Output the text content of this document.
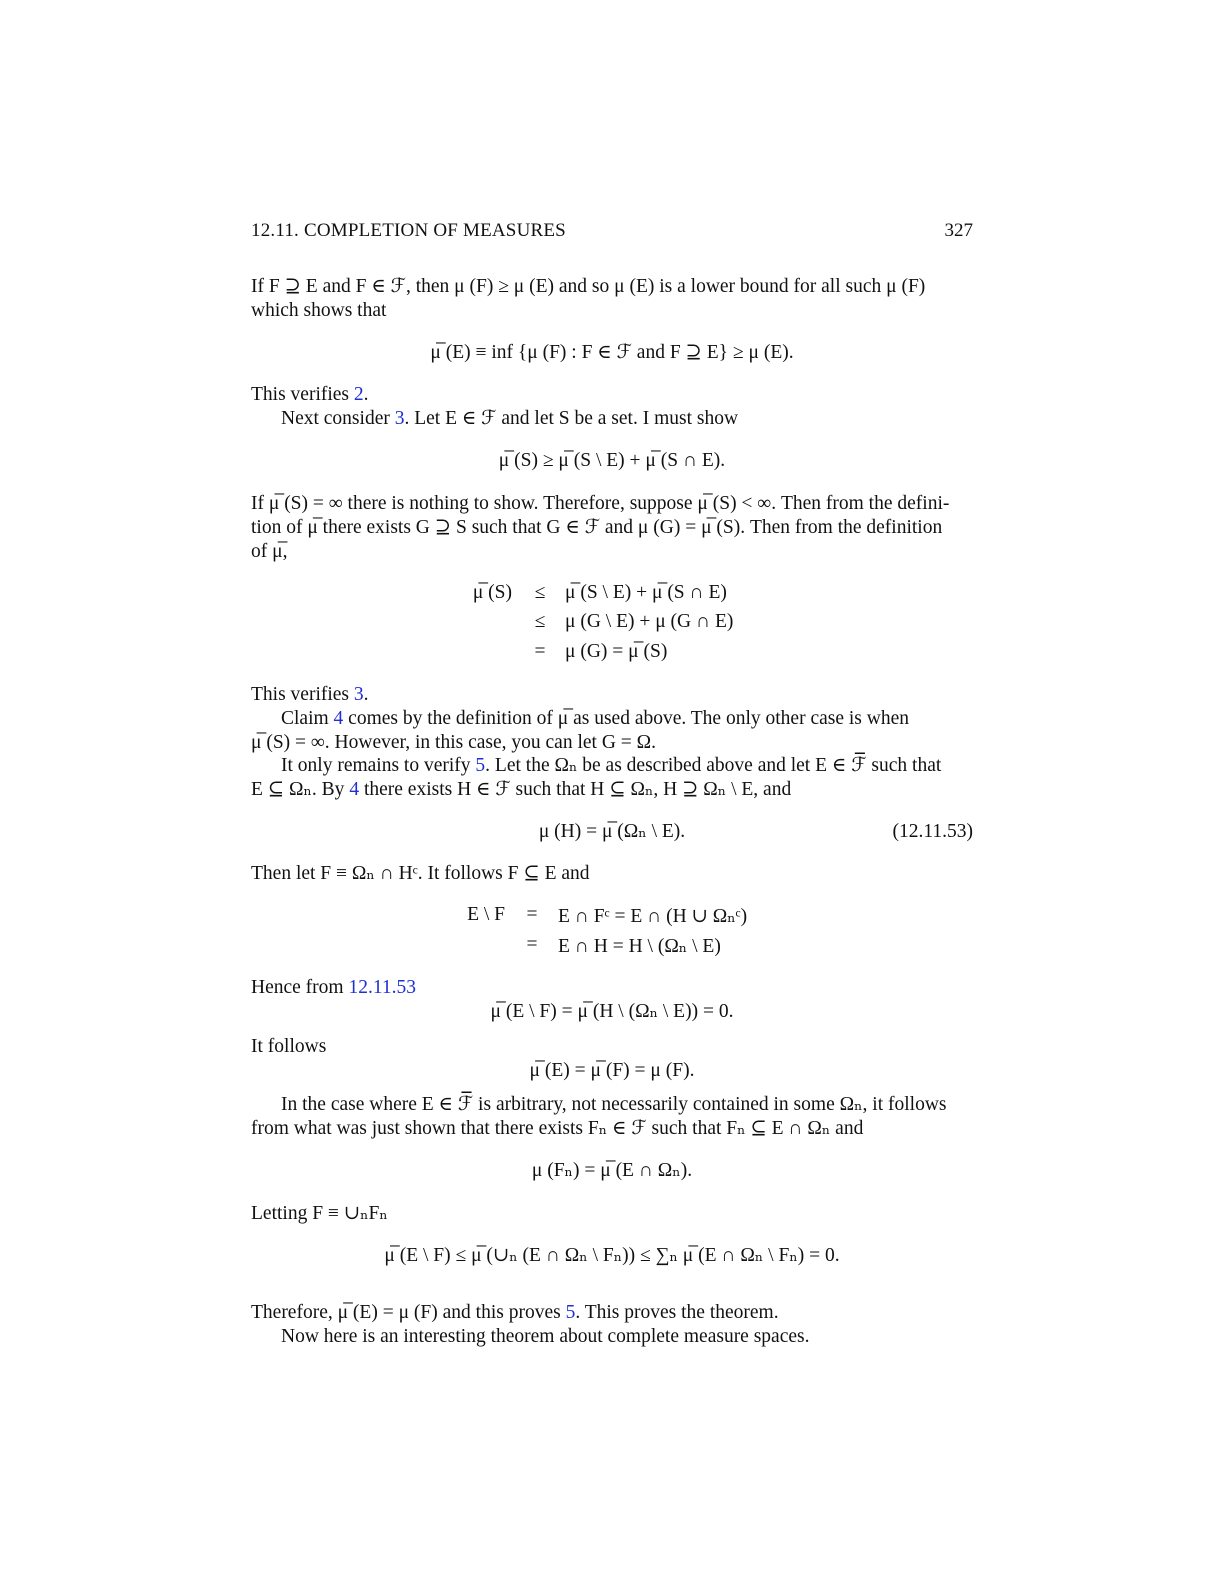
12.11. COMPLETION OF MEASURES	327
If F ⊇ E and F ∈ ℱ, then μ (F) ≥ μ (E) and so μ (E) is a lower bound for all such μ (F)
which shows that
μ̅ (E) ≡ inf {μ (F) : F ∈ ℱ and F ⊇ E} ≥ μ (E).
This verifies 2.
Next consider 3. Let E ∈ ℱ and let S be a set. I must show
μ̅ (S) ≥ μ̅ (S \ E) + μ̅ (S ∩ E).
If μ̅ (S) = ∞ there is nothing to show. Therefore, suppose μ̅ (S) < ∞. Then from the defini-
tion of μ̅ there exists G ⊇ S such that G ∈ ℱ and μ (G) = μ̅ (S). Then from the definition
of μ̅,
μ̅ (S)	≤	μ̅ (S \ E) + μ̅ (S ∩ E)
≤	μ (G \ E) + μ (G ∩ E)
=	μ (G) = μ̅ (S)
This verifies 3.
Claim 4 comes by the definition of μ̅ as used above. The only other case is when
μ̅ (S) = ∞. However, in this case, you can let G = Ω.
It only remains to verify 5. Let the Ωₙ be as described above and let E ∈ ℱ̅ such that
E ⊆ Ωₙ. By 4 there exists H ∈ ℱ such that H ⊆ Ωₙ, H ⊇ Ωₙ \ E, and
μ (H) = μ̅ (Ωₙ \ E).	(12.11.53)
Then let F ≡ Ωₙ ∩ Hᶜ. It follows F ⊆ E and
E \ F	=	E ∩ Fᶜ = E ∩ (H ∪ Ωₙᶜ)
=	E ∩ H = H \ (Ωₙ \ E)
Hence from 12.11.53
μ̅ (E \ F) = μ̅ (H \ (Ωₙ \ E)) = 0.
It follows
μ̅ (E) = μ̅ (F) = μ (F).
In the case where E ∈ ℱ̅ is arbitrary, not necessarily contained in some Ωₙ, it follows
from what was just shown that there exists Fₙ ∈ ℱ such that Fₙ ⊆ E ∩ Ωₙ and
μ (Fₙ) = μ̅ (E ∩ Ωₙ).
Letting F ≡ ∪ₙFₙ
μ̅ (E \ F) ≤ μ̅ (∪ₙ (E ∩ Ωₙ \ Fₙ)) ≤ ∑ₙ μ̅ (E ∩ Ωₙ \ Fₙ) = 0.
Therefore, μ̅ (E) = μ (F) and this proves 5. This proves the theorem.
Now here is an interesting theorem about complete measure spaces.
